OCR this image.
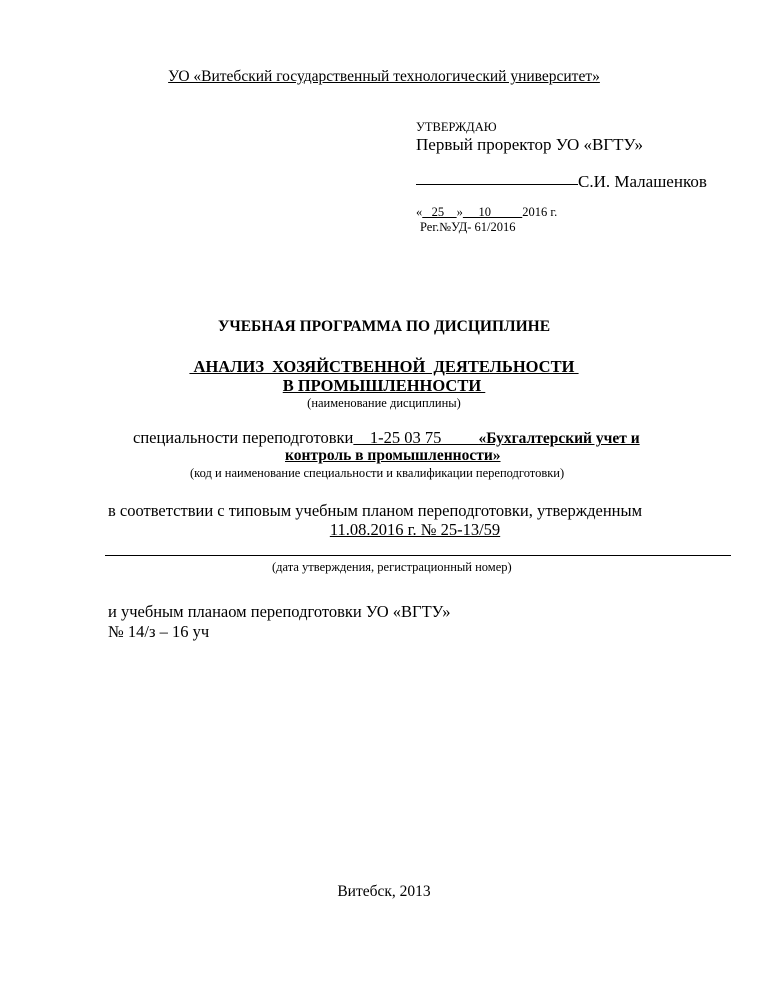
УО «Витебский государственный технологический университет»
УТВЕРЖДАЮ
Первый проректор УО «ВГТУ»
С.И. Малашенков
«   25    »     10          2016 г.
Рег.№УД- 61/2016
УЧЕБНАЯ ПРОГРАММА ПО ДИСЦИПЛИНЕ
АНАЛИЗ  ХОЗЯЙСТВЕННОЙ  ДЕЯТЕЛЬНОСТИ
В ПРОМЫШЛЕННОСТИ
(наименование дисциплины)
специальности переподготовки    1-25 03 75         «Бухгалтерский учет и
контроль в промышленности»
(код и наименование специальности и квалификации переподготовки)
в соответствии с типовым учебным планом переподготовки, утвержденным
11.08.2016 г. № 25-13/59
(дата утверждения, регистрационный номер)
и учебным планаом переподготовки УО «ВГТУ»
№ 14/з – 16 уч
Витебск, 2013
